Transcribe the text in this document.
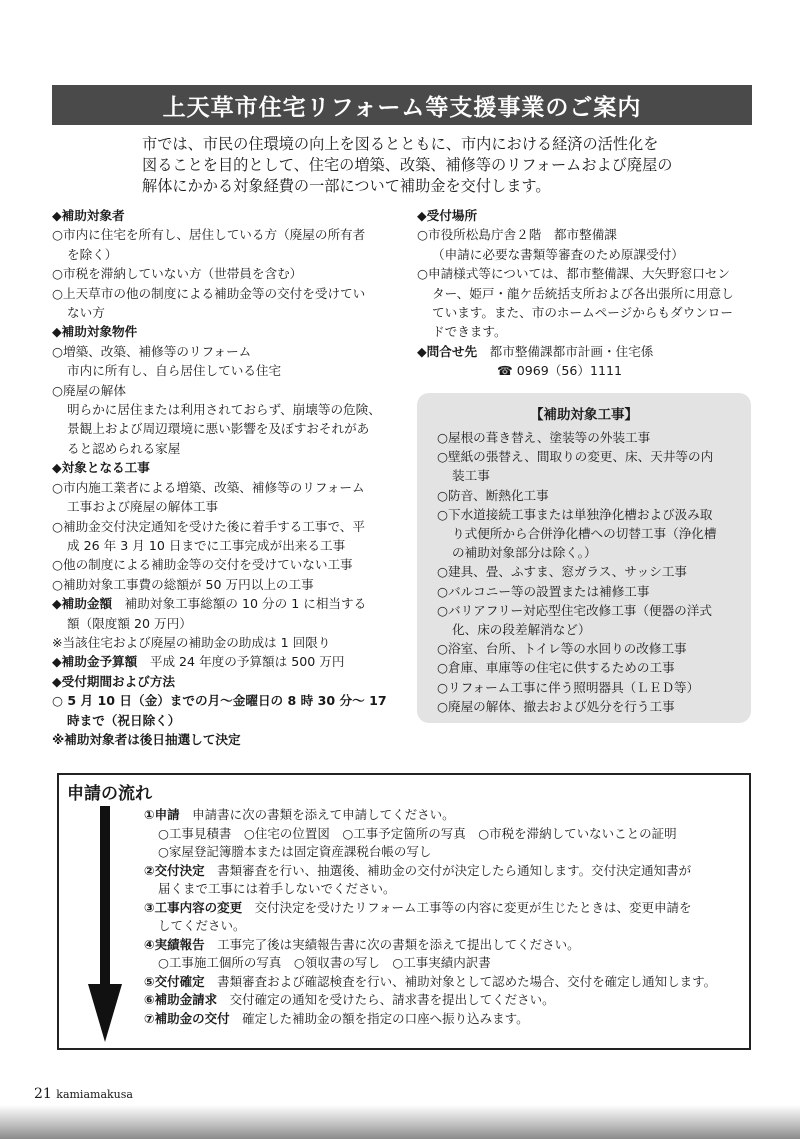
上天草市住宅リフォーム等支援事業のご案内

市では、市民の住環境の向上を図るとともに、市内における経済の活性化を

図ることを目的として、住宅の増築、改築、補修等のリフォームおよび廃屋の

解体にかかる対象経費の一部について補助金を交付します。

◆補助対象者

○市内に住宅を所有し、居住している方（廃屋の所有者

を除く）

○市税を滞納していない方（世帯員を含む）

○上天草市の他の制度による補助金等の交付を受けてい

ない方

◆補助対象物件

○増築、改築、補修等のリフォーム

市内に所有し、自ら居住している住宅

○廃屋の解体

明らかに居住または利用されておらず、崩壊等の危険、

景観上および周辺環境に悪い影響を及ぼすおそれがあ

ると認められる家屋

◆対象となる工事

○市内施工業者による増築、改築、補修等のリフォーム

工事および廃屋の解体工事

○補助金交付決定通知を受けた後に着手する工事で、平

成 26 年 3 月 10 日までに工事完成が出来る工事

○他の制度による補助金等の交付を受けていない工事

○補助対象工事費の総額が 50 万円以上の工事

◆補助金額　補助対象工事総額の 10 分の 1 に相当する

額（限度額 20 万円）

※当該住宅および廃屋の補助金の助成は 1 回限り

◆補助金予算額　平成 24 年度の予算額は 500 万円

◆受付期間および方法

○ 5 月 10 日（金）までの月～金曜日の 8 時 30 分～ 17

時まで（祝日除く）

※補助対象者は後日抽選して決定

◆受付場所

○市役所松島庁舎２階　都市整備課

（申請に必要な書類等審査のため原課受付）

○申請様式等については、都市整備課、大矢野窓口セン

ター、姫戸・龍ケ岳統括支所および各出張所に用意し

ています。また、市のホームページからもダウンロー

ドできます。

◆問合せ先　都市整備課都市計画・住宅係

☎ 0969（56）1111

【補助対象工事】

○屋根の葺き替え、塗装等の外装工事

○壁紙の張替え、間取りの変更、床、天井等の内

装工事

○防音、断熱化工事

○下水道接続工事または単独浄化槽および汲み取

り式便所から合併浄化槽への切替工事（浄化槽

の補助対象部分は除く。）

○建具、畳、ふすま、窓ガラス、サッシ工事

○バルコニー等の設置または補修工事

○バリアフリー対応型住宅改修工事（便器の洋式

化、床の段差解消など）

○浴室、台所、トイレ等の水回りの改修工事

○倉庫、車庫等の住宅に供するための工事

○リフォーム工事に伴う照明器具（ＬＥＤ等）

○廃屋の解体、撤去および処分を行う工事

申請の流れ

①申請　申請書に次の書類を添えて申請してください。

○工事見積書　○住宅の位置図　○工事予定箇所の写真　○市税を滞納していないことの証明

○家屋登記簿謄本または固定資産課税台帳の写し

②交付決定　書類審査を行い、抽選後、補助金の交付が決定したら通知します。交付決定通知書が

届くまで工事には着手しないでください。

③工事内容の変更　交付決定を受けたリフォーム工事等の内容に変更が生じたときは、変更申請を

してください。

④実績報告　工事完了後は実績報告書に次の書類を添えて提出してください。

○工事施工個所の写真　○領収書の写し　○工事実績内訳書

⑤交付確定　書類審査および確認検査を行い、補助対象として認めた場合、交付を確定し通知します。

⑥補助金請求　交付確定の通知を受けたら、請求書を提出してください。

⑦補助金の交付　確定した補助金の額を指定の口座へ振り込みます。

21 kamiamakusa
